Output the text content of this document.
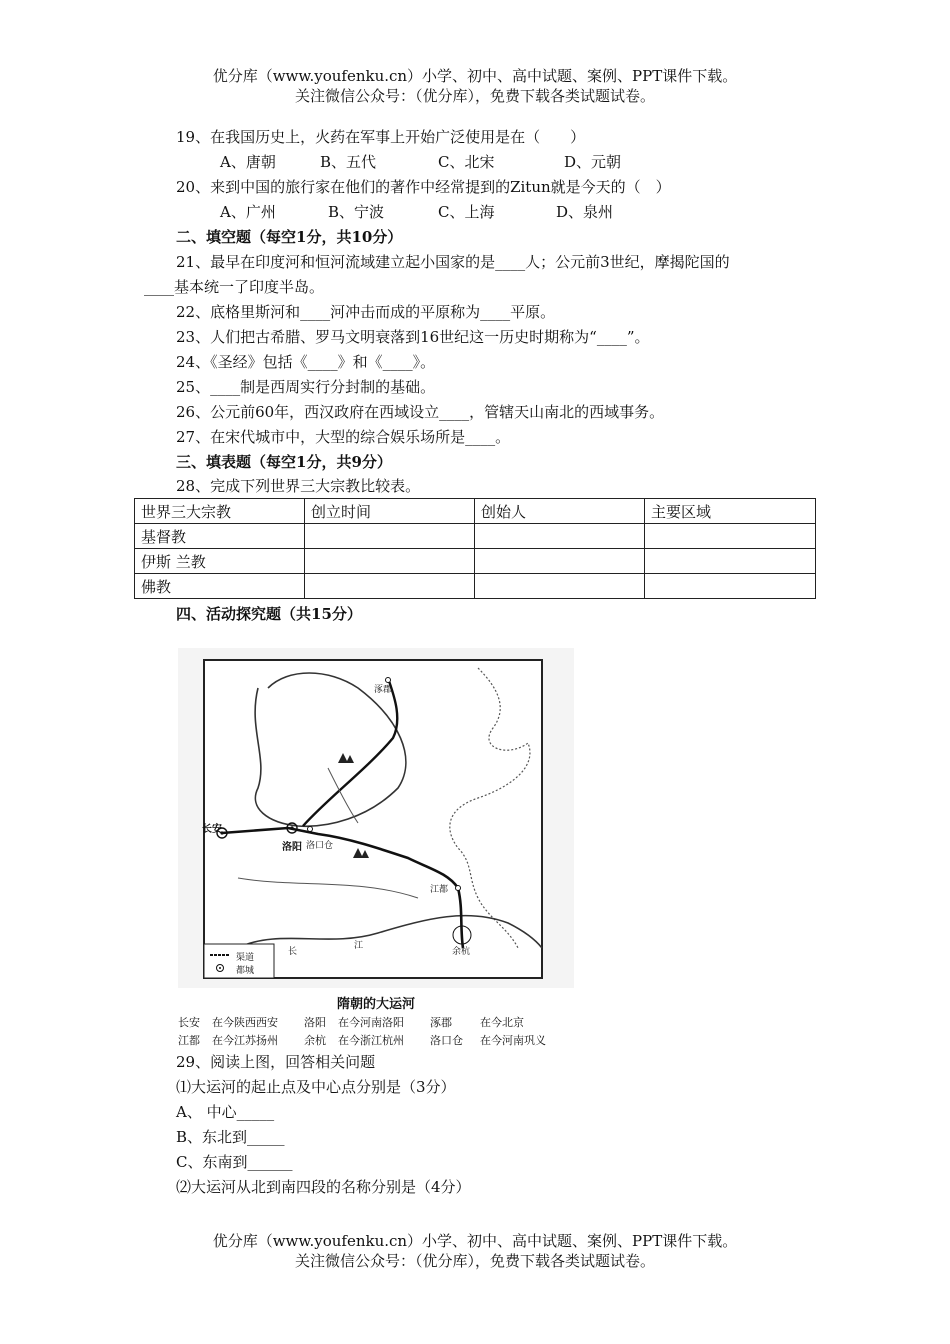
优分库（www.youfenku.cn）小学、初中、高中试题、案例、PPT课件下载。
关注微信公众号：（优分库），免费下载各类试题试卷。
19、在我国历史上，火药在军事上开始广泛使用是在（　　）
A、唐朝	B、五代	C、北宋	D、元朝
20、来到中国的旅行家在他们的著作中经常提到的Zitun就是今天的（　）
A、广州	B、宁波	C、上海	D、泉州
二、填空题（每空1分，共10分）
21、最早在印度河和恒河流域建立起小国家的是____人；公元前3世纪，摩揭陀国的
____基本统一了印度半岛。
22、底格里斯河和____河冲击而成的平原称为____平原。
23、人们把古希腊、罗马文明衰落到16世纪这一历史时期称为“____”。
24、《圣经》包括《____》和《____》。
25、____制是西周实行分封制的基础。
26、公元前60年，西汉政府在西域设立____，管辖天山南北的西域事务。
27、在宋代城市中，大型的综合娱乐场所是____。
三、填表题（每空1分，共9分）
28、完成下列世界三大宗教比较表。
世界三大宗教	创立时间	创始人	主要区域
基督教			
伊斯 兰教			
佛教			
四、活动探究题（共15分）
涿郡
长安
洛阳 洛口仓
江都
余杭
长
江
渠道
都城
隋朝的大运河
长安 在今陕西西安 洛阳 在今河南洛阳 涿郡	在今北京
江都 在今江苏扬州 余杭 在今浙江杭州 洛口仓 在今河南巩义
29、阅读上图，回答相关问题
⑴大运河的起止点及中心点分别是（3分）
A、 中心_____
B、东北到_____
C、东南到______
⑵大运河从北到南四段的名称分别是（4分）
优分库（www.youfenku.cn）小学、初中、高中试题、案例、PPT课件下载。
关注微信公众号：（优分库），免费下载各类试题试卷。
